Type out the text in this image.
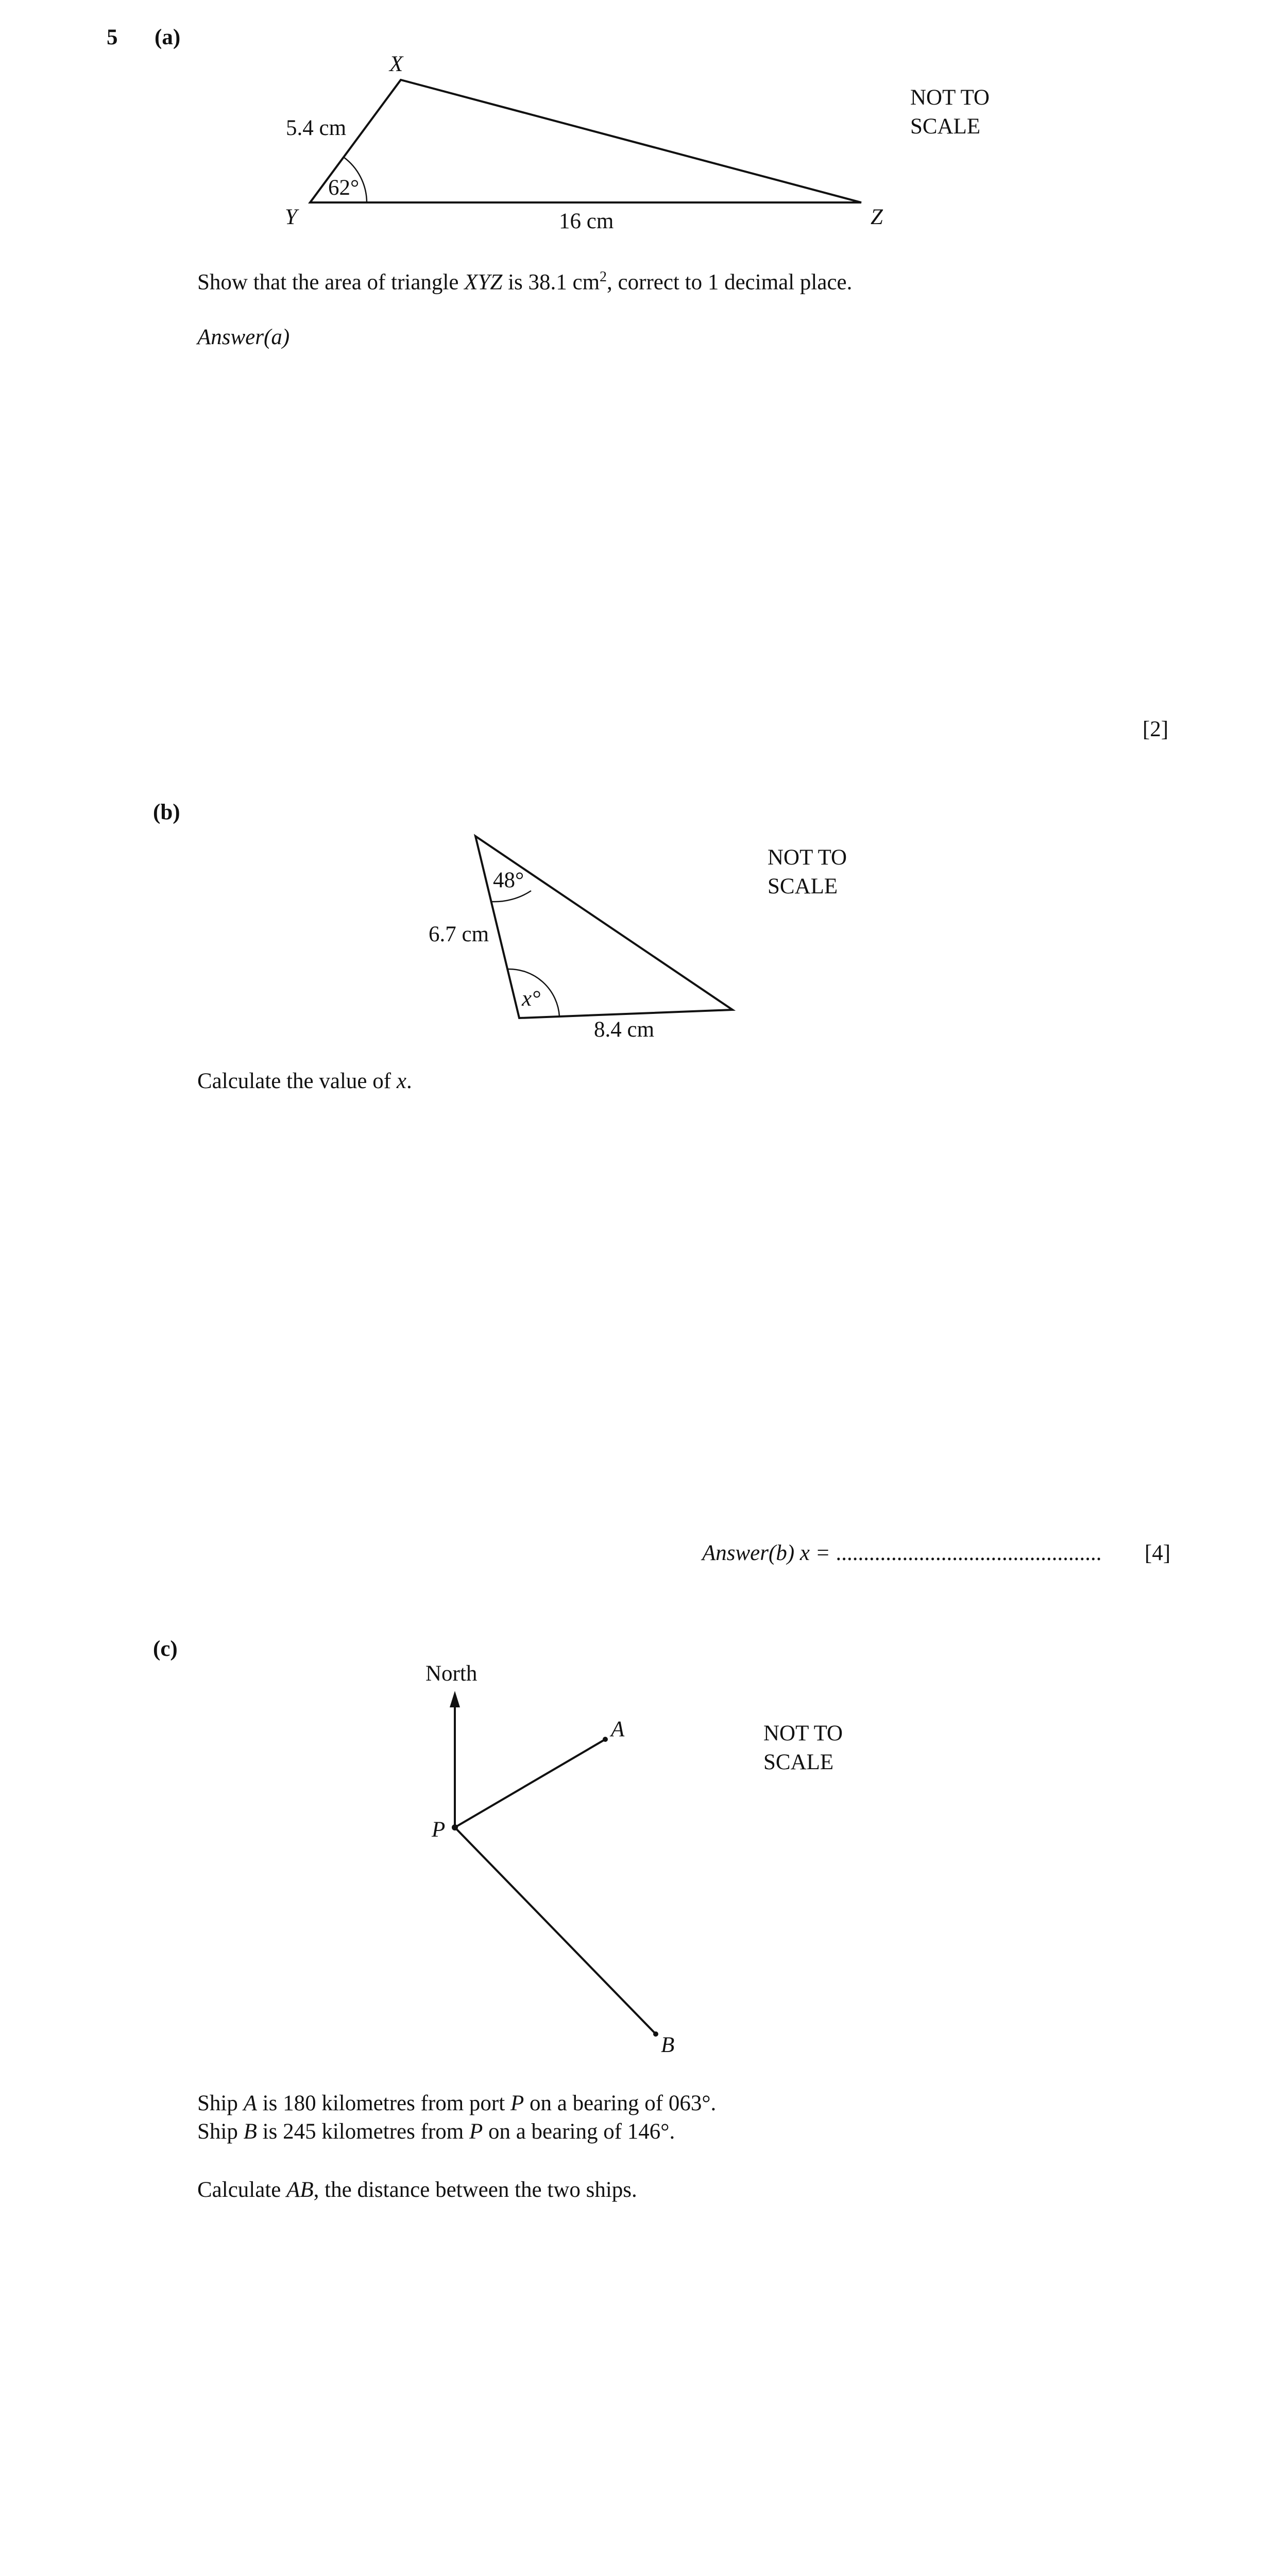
5 (a)
X
Y	Z
5.4 cm
16 cm
62°
NOT TO
SCALE
Show that the area of triangle XYZ is 38.1 $cm^2$, correct to 1 decimal place.
Answer(a)
[2]
(b)
48°
x°
6.7 cm
8.4 cm
NOT TO
SCALE
Calculate the value of x.
Answer(b) x = ................................................ [4]
(c)
North
P
A
B
NOT TO
SCALE
Ship A is 180 kilometres from port P on a bearing of 063°.
Ship B is 245 kilometres from P on a bearing of 146°.
Calculate AB, the distance between the two ships.
